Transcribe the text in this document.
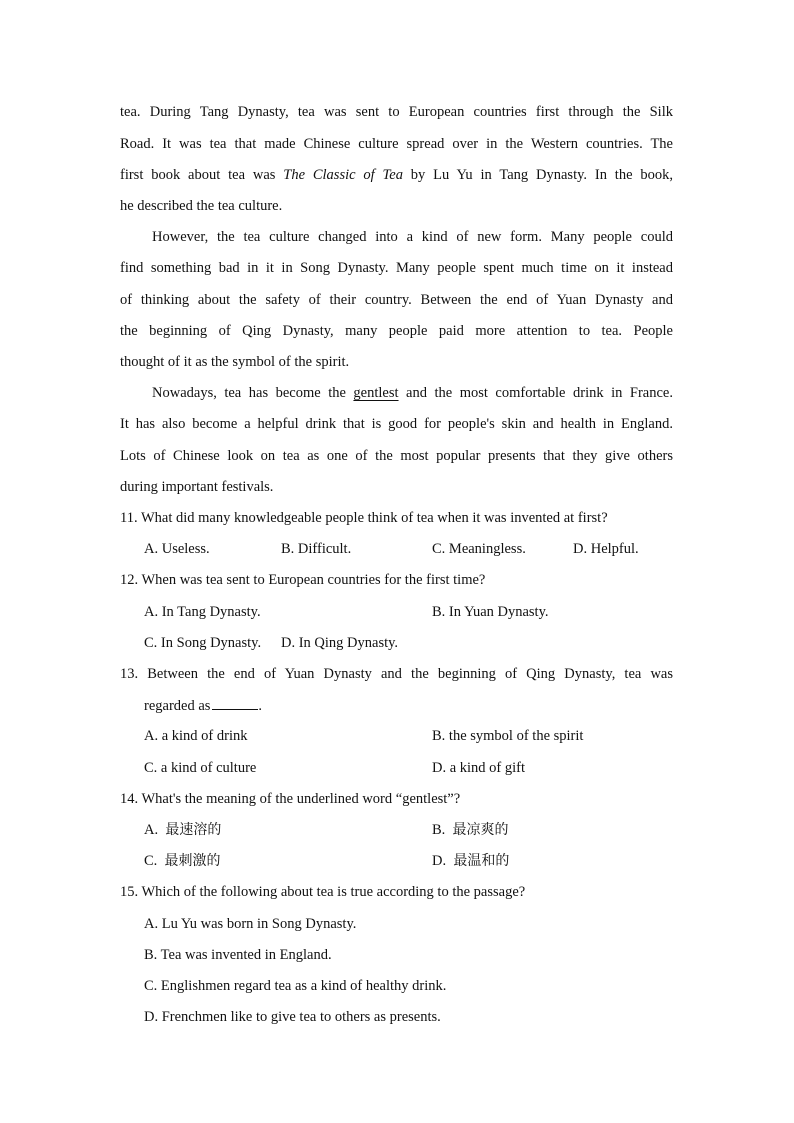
tea. During Tang Dynasty, tea was sent to European countries first through the Silk
Road. It was tea that made Chinese culture spread over in the Western countries. The
first book about tea was The Classic of Tea by Lu Yu in Tang Dynasty. In the book,
he described the tea culture.
However, the tea culture changed into a kind of new form. Many people could
find something bad in it in Song Dynasty. Many people spent much time on it instead
of thinking about the safety of their country. Between the end of Yuan Dynasty and
the beginning of Qing Dynasty, many people paid more attention to tea. People
thought of it as the symbol of the spirit.
Nowadays, tea has become the gentlest and the most comfortable drink in France.
It has also become a helpful drink that is good for people's skin and health in England.
Lots of Chinese look on tea as one of the most popular presents that they give others
during important festivals.
11. What did many knowledgeable people think of tea when it was invented at first?
A. Useless.	B. Difficult.	C. Meaningless.	D. Helpful.
12. When was tea sent to European countries for the first time?
A. In Tang Dynasty.	B. In Yuan Dynasty.
C. In Song Dynasty. D. In Qing Dynasty.
13. Between the end of Yuan Dynasty and the beginning of Qing Dynasty, tea was
regarded as	.
A. a kind of drink	B. the symbol of the spirit
C. a kind of culture	D. a kind of gift
14. What's the meaning of the underlined word “gentlest”?
A. 最速溶的	B. 最凉爽的
C. 最刺激的	D. 最温和的
15. Which of the following about tea is true according to the passage?
A. Lu Yu was born in Song Dynasty.
B. Tea was invented in England.
C. Englishmen regard tea as a kind of healthy drink.
D. Frenchmen like to give tea to others as presents.
